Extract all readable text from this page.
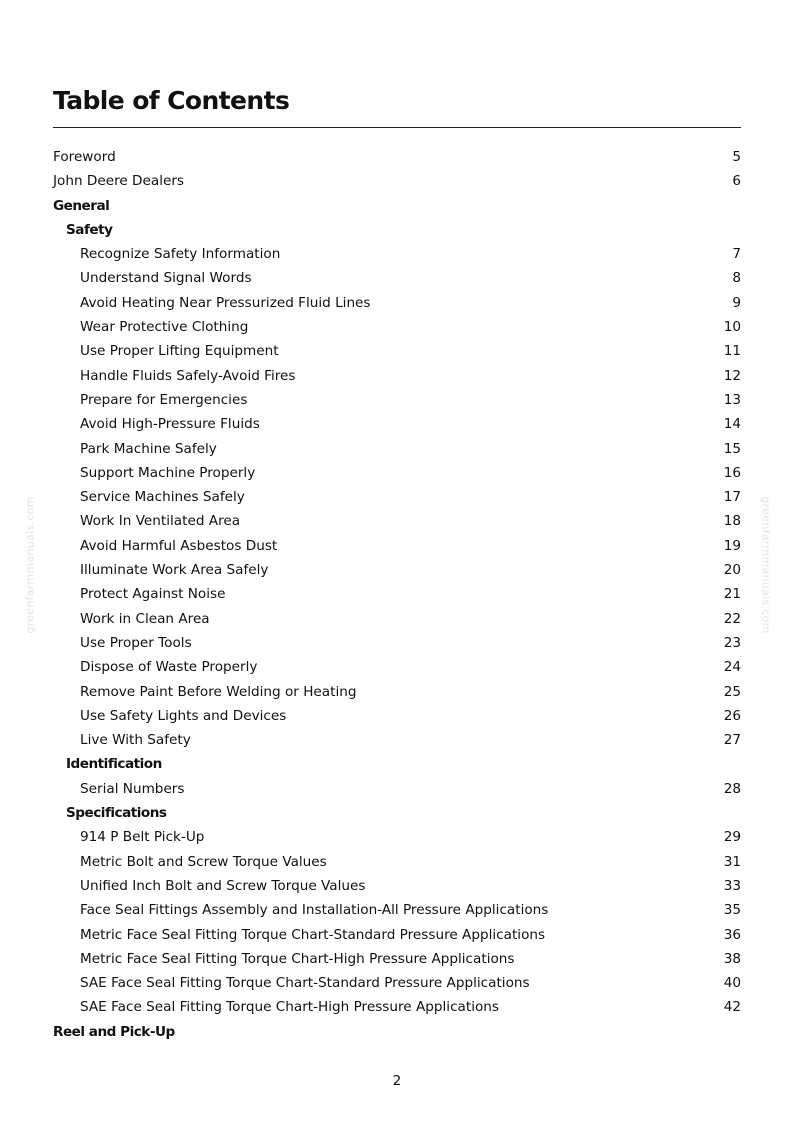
Table of Contents
Foreword	5
John Deere Dealers	6
General
Safety
Recognize Safety Information	7
Understand Signal Words	8
Avoid Heating Near Pressurized Fluid Lines	9
Wear Protective Clothing	10
Use Proper Lifting Equipment	11
Handle Fluids Safely-Avoid Fires	12
Prepare for Emergencies	13
Avoid High-Pressure Fluids	14
Park Machine Safely	15
Support Machine Properly	16
Service Machines Safely	17
Work In Ventilated Area	18
Avoid Harmful Asbestos Dust	19
Illuminate Work Area Safely	20
Protect Against Noise	21
Work in Clean Area	22
Use Proper Tools	23
Dispose of Waste Properly	24
Remove Paint Before Welding or Heating	25
Use Safety Lights and Devices	26
Live With Safety	27
Identification
Serial Numbers	28
Specifications
914 P Belt Pick-Up	29
Metric Bolt and Screw Torque Values	31
Unified Inch Bolt and Screw Torque Values	33
Face Seal Fittings Assembly and Installation-All Pressure Applications	35
Metric Face Seal Fitting Torque Chart-Standard Pressure Applications	36
Metric Face Seal Fitting Torque Chart-High Pressure Applications	38
SAE Face Seal Fitting Torque Chart-Standard Pressure Applications	40
SAE Face Seal Fitting Torque Chart-High Pressure Applications	42
Reel and Pick-Up
2
greenfarmmanuals.com	greenfarmmanuals.com
